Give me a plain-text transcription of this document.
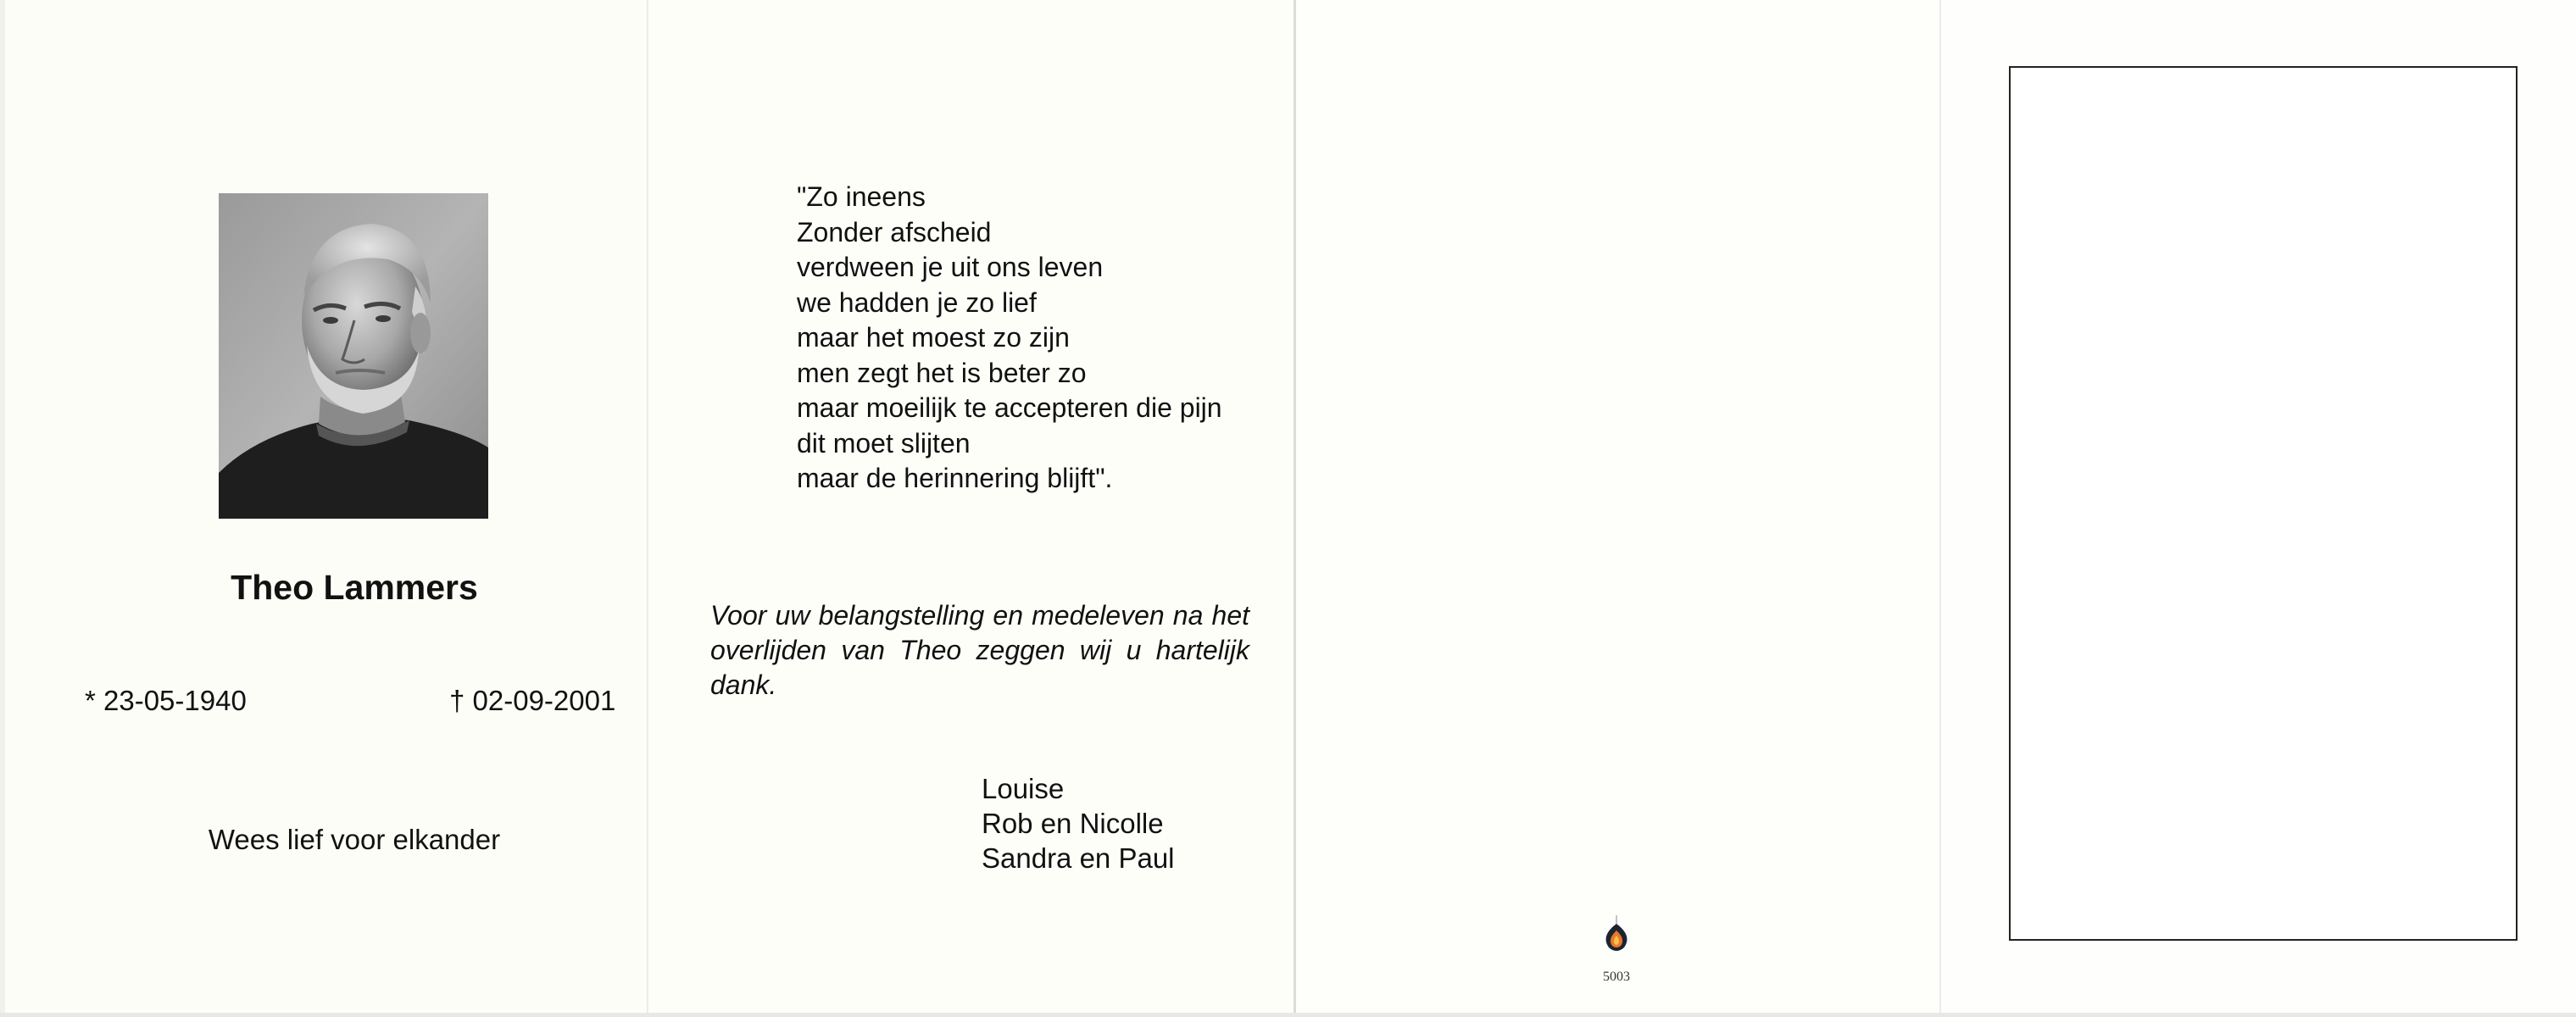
Theo Lammers
* 23-05-1940	† 02-09-2001
Wees lief voor elkander
"Zo ineens
Zonder afscheid
verdween je uit ons leven
we hadden je zo lief
maar het moest zo zijn
men zegt het is beter zo
maar moeilijk te accepteren die pijn
dit moet slijten
maar de herinnering blijft".
Voor uw belangstelling en medeleven na het overlijden van Theo zeggen wij u hartelijk dank.
Louise
Rob en Nicolle
Sandra en Paul
5003
